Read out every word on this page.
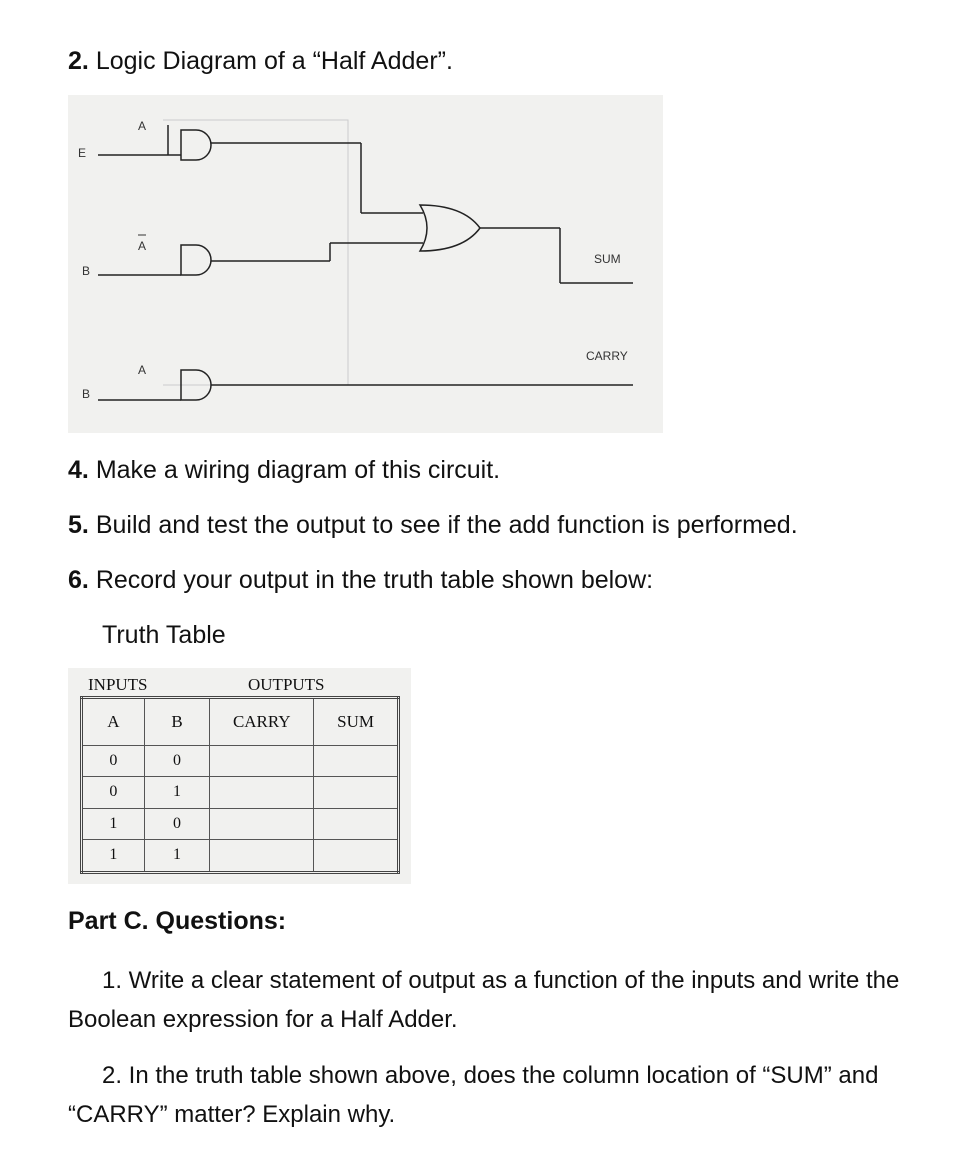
2. Logic Diagram of a “Half Adder”.
E
A
A
B
A
B
SUM
CARRY
4. Make a wiring diagram of this circuit.
5. Build and test the output to see if the add function is performed.
6. Record your output in the truth table shown below:
Truth Table
INPUTS	OUTPUTS
A	B	CARRY	SUM
0	0		
0	1		
1	0		
1	1		
Part C. Questions:
1. Write a clear statement of output as a function of the inputs and write the Boolean expression for a Half Adder.
2. In the truth table shown above, does the column location of “SUM” and “CARRY” matter? Explain why.
